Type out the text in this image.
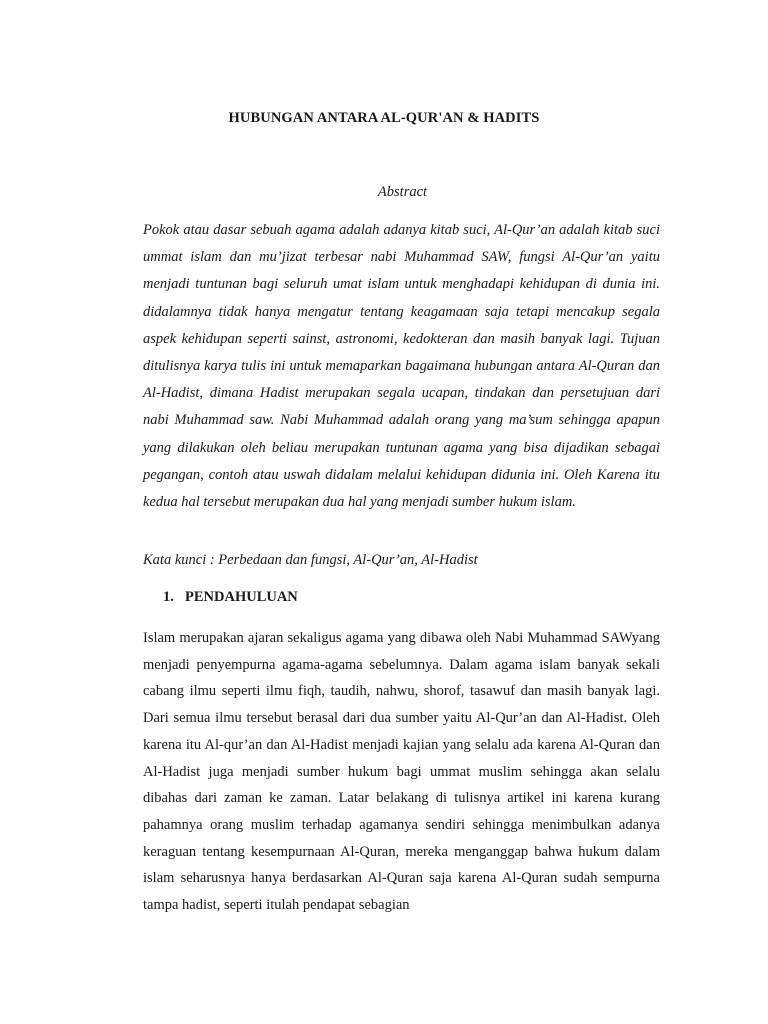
HUBUNGAN ANTARA AL-QUR'AN & HADITS
Abstract
Pokok atau dasar sebuah agama adalah adanya kitab suci, Al-Qur’an adalah kitab suci ummat islam dan mu’jizat terbesar nabi Muhammad SAW, fungsi Al-Qur’an yaitu menjadi tuntunan bagi seluruh umat islam untuk menghadapi kehidupan di dunia ini. didalamnya tidak hanya mengatur tentang keagamaan saja tetapi mencakup segala aspek kehidupan seperti sainst, astronomi, kedokteran dan masih banyak lagi. Tujuan ditulisnya karya tulis ini untuk memaparkan bagaimana hubungan antara Al-Quran dan Al-Hadist, dimana Hadist merupakan segala ucapan, tindakan dan persetujuan dari nabi Muhammad saw. Nabi Muhammad adalah orang yang ma’sum sehingga apapun yang dilakukan oleh beliau merupakan tuntunan agama yang bisa dijadikan sebagai pegangan, contoh atau uswah didalam melalui kehidupan didunia ini. Oleh Karena itu kedua hal tersebut merupakan dua hal yang menjadi sumber hukum islam.
Kata kunci : Perbedaan dan fungsi, Al-Qur’an, Al-Hadist
1. PENDAHULUAN
Islam merupakan ajaran sekaligus agama yang dibawa oleh Nabi Muhammad SAWyang menjadi penyempurna agama-agama sebelumnya. Dalam agama islam banyak sekali cabang ilmu seperti ilmu fiqh, taudih, nahwu, shorof, tasawuf dan masih banyak lagi. Dari semua ilmu tersebut berasal dari dua sumber yaitu Al-Qur’an dan Al-Hadist. Oleh karena itu Al-qur’an dan Al-Hadist menjadi kajian yang selalu ada karena Al-Quran dan Al-Hadist juga menjadi sumber hukum bagi ummat muslim sehingga akan selalu dibahas dari zaman ke zaman. Latar belakang di tulisnya artikel ini karena kurang pahamnya orang muslim terhadap agamanya sendiri sehingga menimbulkan adanya keraguan tentang kesempurnaan Al-Quran, mereka menganggap bahwa hukum dalam islam seharusnya hanya berdasarkan Al-Quran saja karena Al-Quran sudah sempurna tampa hadist, seperti itulah pendapat sebagian
